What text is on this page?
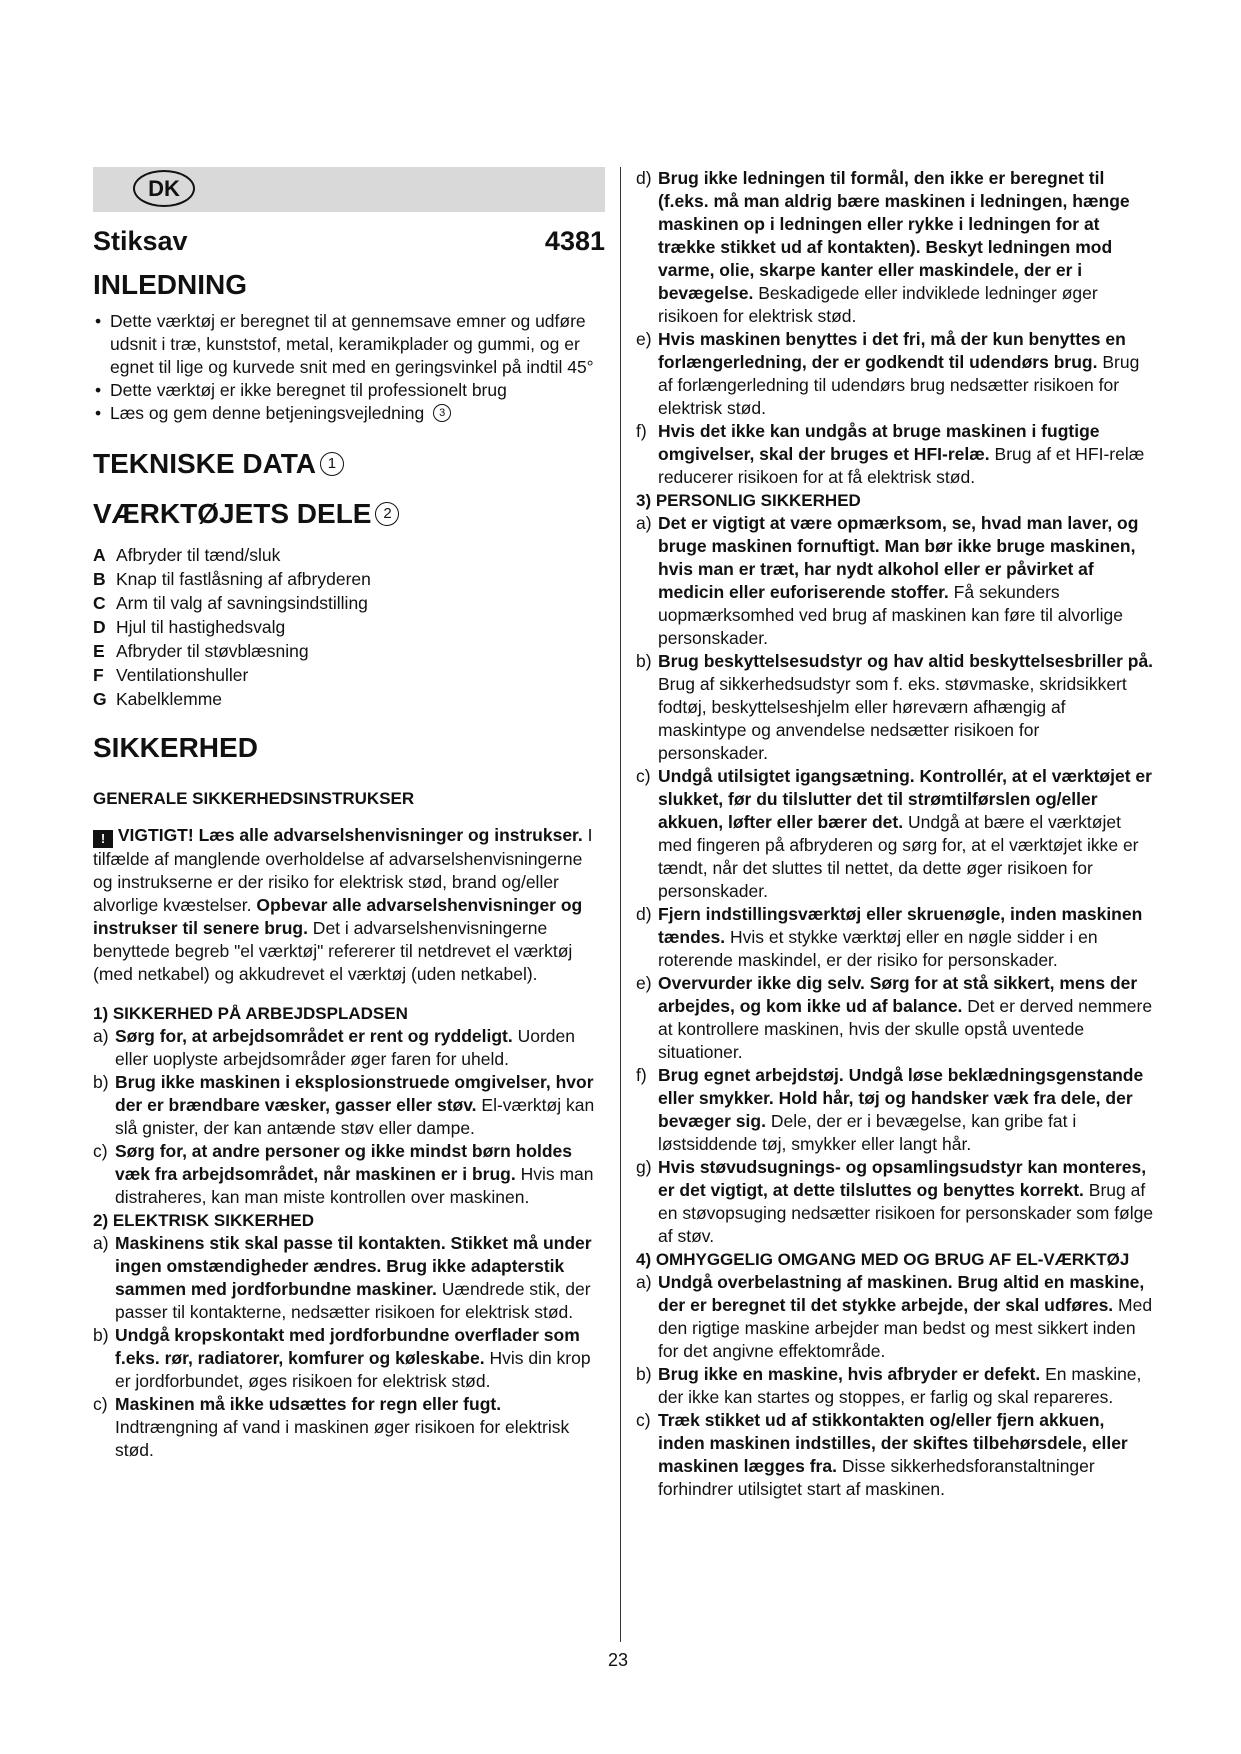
DK
Stiksav	4381
INLEDNING
• Dette værktøj er beregnet til at gennemsave emner og udføre udsnit i træ, kunststof, metal, keramikplader og gummi, og er egnet til lige og kurvede snit med en geringsvinkel på indtil 45°
• Dette værktøj er ikke beregnet til professionelt brug
• Læs og gem denne betjeningsvejledning 3
TEKNISKE DATA 1
VÆRKTØJETS DELE 2
A Afbryder til tænd/sluk
B Knap til fastlåsning af afbryderen
C Arm til valg af savningsindstilling
D Hjul til hastighedsvalg
E Afbryder til støvblæsning
F Ventilationshuller
G Kabelklemme
SIKKERHED
GENERALE SIKKERHEDSINSTRUKSER
! VIGTIGT! Læs alle advarselshenvisninger og instrukser. I tilfælde af manglende overholdelse af advarselshenvisningerne og instrukserne er der risiko for elektrisk stød, brand og/eller alvorlige kvæstelser. Opbevar alle advarselshenvisninger og instrukser til senere brug. Det i advarselshenvisningerne benyttede begreb "el værktøj" refererer til netdrevet el værktøj (med netkabel) og akkudrevet el værktøj (uden netkabel).
1) SIKKERHED PÅ ARBEJDSPLADSEN
a) Sørg for, at arbejdsområdet er rent og ryddeligt. Uorden eller uoplyste arbejdsområder øger faren for uheld.
b) Brug ikke maskinen i eksplosionstruede omgivelser, hvor der er brændbare væsker, gasser eller støv. El-værktøj kan slå gnister, der kan antænde støv eller dampe.
c) Sørg for, at andre personer og ikke mindst børn holdes væk fra arbejdsområdet, når maskinen er i brug. Hvis man distraheres, kan man miste kontrollen over maskinen.
2) ELEKTRISK SIKKERHED
a) Maskinens stik skal passe til kontakten. Stikket må under ingen omstændigheder ændres. Brug ikke adapterstik sammen med jordforbundne maskiner. Uændrede stik, der passer til kontakterne, nedsætter risikoen for elektrisk stød.
b) Undgå kropskontakt med jordforbundne overflader som f.eks. rør, radiatorer, komfurer og køleskabe. Hvis din krop er jordforbundet, øges risikoen for elektrisk stød.
c) Maskinen må ikke udsættes for regn eller fugt. Indtrængning af vand i maskinen øger risikoen for elektrisk stød.
d) Brug ikke ledningen til formål, den ikke er beregnet til (f.eks. må man aldrig bære maskinen i ledningen, hænge maskinen op i ledningen eller rykke i ledningen for at trække stikket ud af kontakten). Beskyt ledningen mod varme, olie, skarpe kanter eller maskindele, der er i bevægelse. Beskadigede eller indviklede ledninger øger risikoen for elektrisk stød.
e) Hvis maskinen benyttes i det fri, må der kun benyttes en forlængerledning, der er godkendt til udendørs brug. Brug af forlængerledning til udendørs brug nedsætter risikoen for elektrisk stød.
f) Hvis det ikke kan undgås at bruge maskinen i fugtige omgivelser, skal der bruges et HFI-relæ. Brug af et HFI-relæ reducerer risikoen for at få elektrisk stød.
3) PERSONLIG SIKKERHED
a) Det er vigtigt at være opmærksom, se, hvad man laver, og bruge maskinen fornuftigt. Man bør ikke bruge maskinen, hvis man er træt, har nydt alkohol eller er påvirket af medicin eller euforiserende stoffer. Få sekunders uopmærksomhed ved brug af maskinen kan føre til alvorlige personskader.
b) Brug beskyttelsesudstyr og hav altid beskyttelsesbriller på. Brug af sikkerhedsudstyr som f. eks. støvmaske, skridsikkert fodtøj, beskyttelseshjelm eller høreværn afhængig af maskintype og anvendelse nedsætter risikoen for personskader.
c) Undgå utilsigtet igangsætning. Kontrollér, at el værktøjet er slukket, før du tilslutter det til strømtilførslen og/eller akkuen, løfter eller bærer det. Undgå at bære el værktøjet med fingeren på afbryderen og sørg for, at el værktøjet ikke er tændt, når det sluttes til nettet, da dette øger risikoen for personskader.
d) Fjern indstillingsværktøj eller skruenøgle, inden maskinen tændes. Hvis et stykke værktøj eller en nøgle sidder i en roterende maskindel, er der risiko for personskader.
e) Overvurder ikke dig selv. Sørg for at stå sikkert, mens der arbejdes, og kom ikke ud af balance. Det er derved nemmere at kontrollere maskinen, hvis der skulle opstå uventede situationer.
f) Brug egnet arbejdstøj. Undgå løse beklædningsgenstande eller smykker. Hold hår, tøj og handsker væk fra dele, der bevæger sig. Dele, der er i bevægelse, kan gribe fat i løstsiddende tøj, smykker eller langt hår.
g) Hvis støvudsugnings- og opsamlingsudstyr kan monteres, er det vigtigt, at dette tilsluttes og benyttes korrekt. Brug af en støvopsuging nedsætter risikoen for personskader som følge af støv.
4) OMHYGGELIG OMGANG MED OG BRUG AF EL-VÆRKTØJ
a) Undgå overbelastning af maskinen. Brug altid en maskine, der er beregnet til det stykke arbejde, der skal udføres. Med den rigtige maskine arbejder man bedst og mest sikkert inden for det angivne effektområde.
b) Brug ikke en maskine, hvis afbryder er defekt. En maskine, der ikke kan startes og stoppes, er farlig og skal repareres.
c) Træk stikket ud af stikkontakten og/eller fjern akkuen, inden maskinen indstilles, der skiftes tilbehørsdele, eller maskinen lægges fra. Disse sikkerhedsforanstaltninger forhindrer utilsigtet start af maskinen.
23
